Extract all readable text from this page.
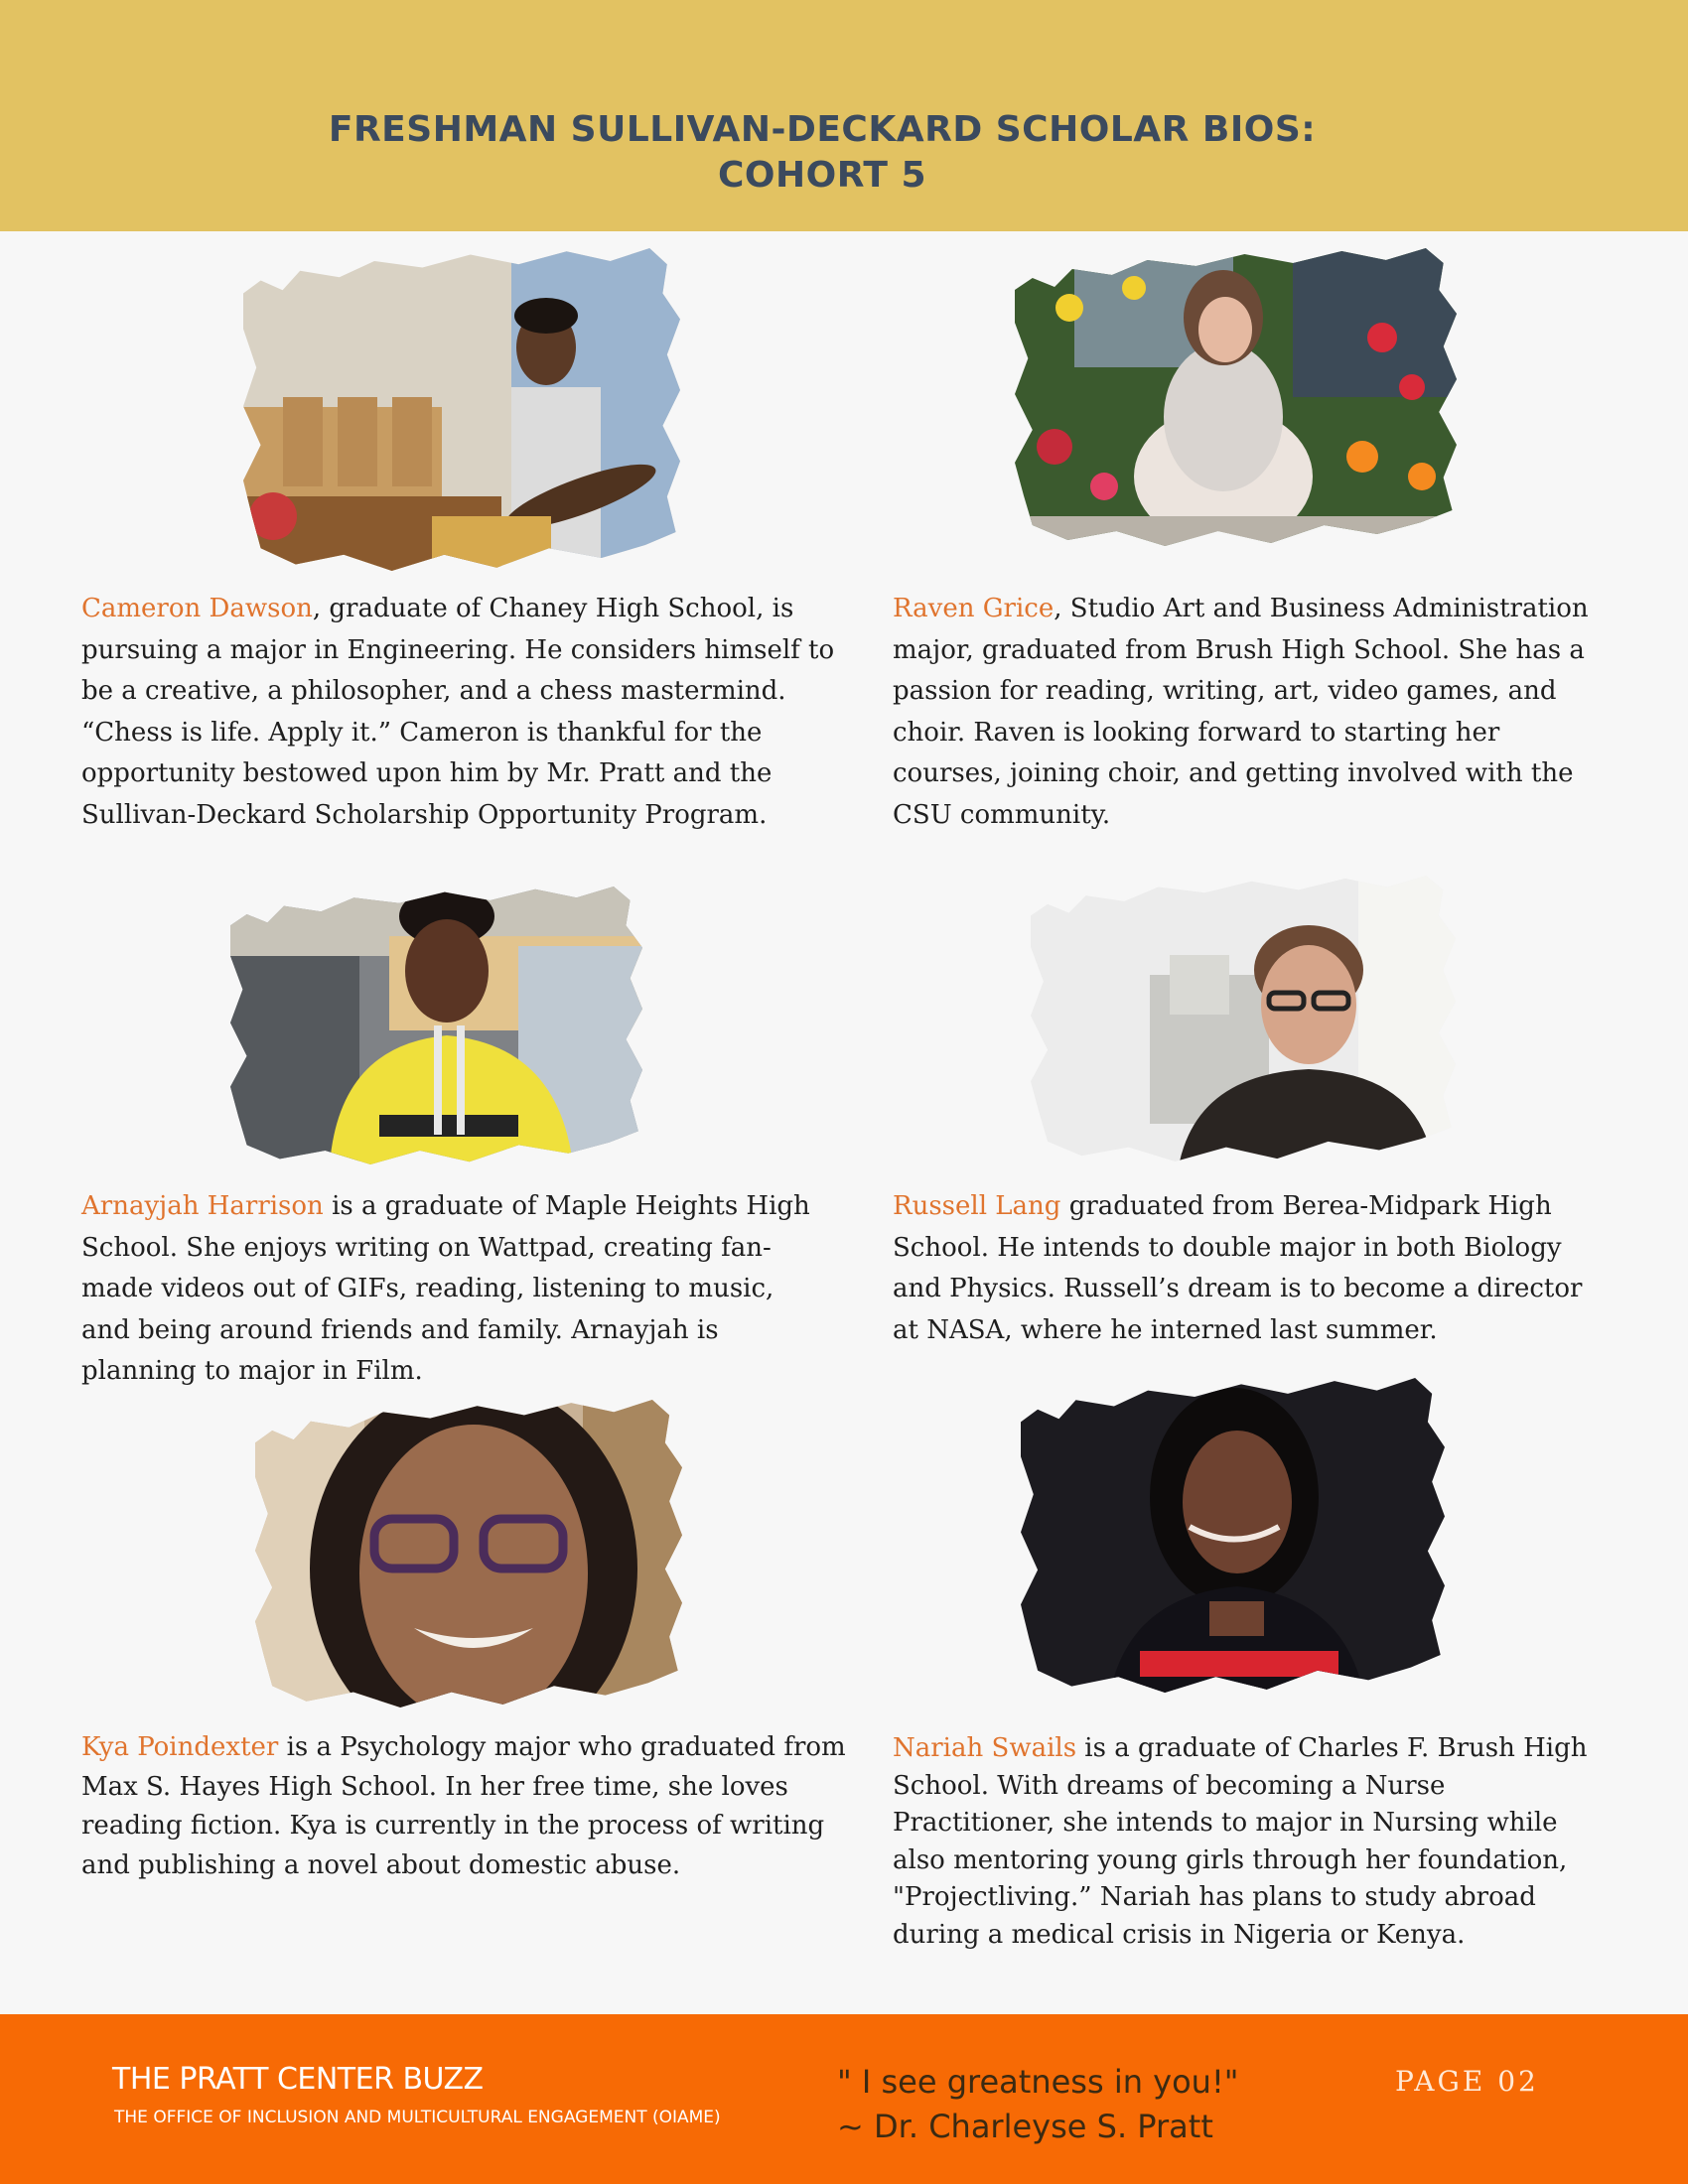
FRESHMAN SULLIVAN-DECKARD SCHOLAR BIOS:
COHORT 5
Cameron Dawson, graduate of Chaney High School, is pursuing a major in Engineering. He considers himself to be a creative, a philosopher, and a chess mastermind. “Chess is life. Apply it.” Cameron is thankful for the opportunity bestowed upon him by Mr. Pratt and the Sullivan-Deckard Scholarship Opportunity Program.
Raven Grice, Studio Art and Business Administration major, graduated from Brush High School. She has a passion for reading, writing, art, video games, and choir. Raven is looking forward to starting her courses, joining choir, and getting involved with the CSU community.
Arnayjah Harrison is a graduate of Maple Heights High School. She enjoys writing on Wattpad, creating fan-made videos out of GIFs, reading, listening to music, and being around friends and family. Arnayjah is planning to major in Film.
Russell Lang graduated from Berea-Midpark High School. He intends to double major in both Biology and Physics. Russell’s dream is to become a director at NASA, where he interned last summer.
Kya Poindexter is a Psychology major who graduated from Max S. Hayes High School. In her free time, she loves reading fiction. Kya is currently in the process of writing and publishing a novel about domestic abuse.
Nariah Swails is a graduate of Charles F. Brush High School. With dreams of becoming a Nurse Practitioner, she intends to major in Nursing while also mentoring young girls through her foundation, "Projectliving.” Nariah has plans to study abroad during a medical crisis in Nigeria or Kenya.
THE PRATT CENTER BUZZ
THE OFFICE OF INCLUSION AND MULTICULTURAL ENGAGEMENT (OIAME)
" I see greatness in you!"
~ Dr. Charleyse S. Pratt
PAGE 02
